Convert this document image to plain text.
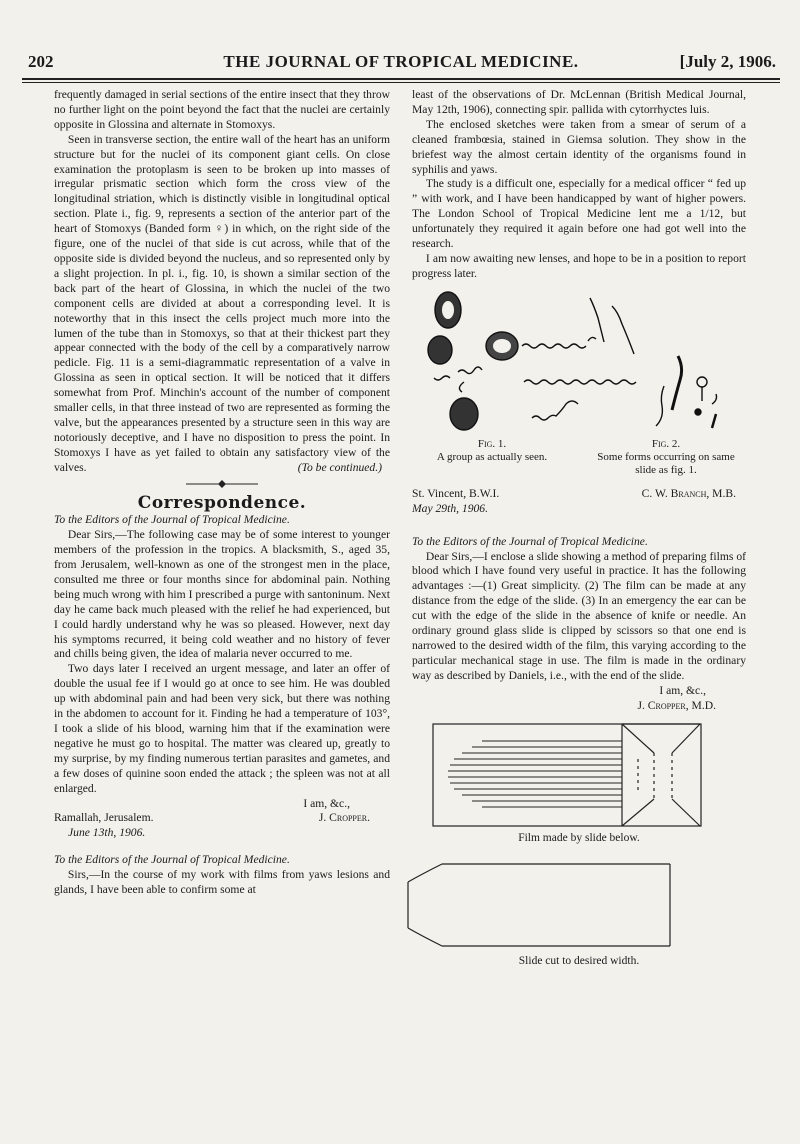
202	THE JOURNAL OF TROPICAL MEDICINE.	[July 2, 1906.

frequently damaged in serial sections of the entire insect that they throw no further light on the point beyond the fact that the nuclei are certainly opposite in Glossina and alternate in Stomoxys.

Seen in transverse section, the entire wall of the heart has an uniform structure but for the nuclei of its component giant cells. On close examination the protoplasm is seen to be broken up into masses of irregular prismatic section which form the cross view of the longitudinal striation, which is distinctly visible in longitudinal optical section. Plate i., fig. 9, represents a section of the anterior part of the heart of Stomoxys (Banded form ♀) in which, on the right side of the figure, one of the nuclei of that side is cut across, while that of the opposite side is divided beyond the nucleus, and so represented only by a slight projection. In pl. i., fig. 10, is shown a similar section of the back part of the heart of Glossina, in which the nuclei of the two component cells are divided at about a corresponding level. It is noteworthy that in this insect the cells project much more into the lumen of the tube than in Stomoxys, so that at their thickest part they appear connected with the body of the cell by a comparatively narrow pedicle. Fig. 11 is a semi-diagrammatic representation of a valve in Glossina as seen in optical section. It will be noticed that it differs somewhat from Prof. Minchin's account of the number of component smaller cells, in that three instead of two are represented as forming the valve, but the appearances presented by a structure seen in this way are notoriously deceptive, and I have no disposition to press the point. In Stomoxys I have as yet failed to obtain any satisfactory view of the valves.	(To be continued.)

Correspondence.

To the Editors of the Journal of Tropical Medicine.

Dear Sirs,—The following case may be of some interest to younger members of the profession in the tropics. A blacksmith, S., aged 35, from Jerusalem, well-known as one of the strongest men in the place, consulted me three or four months since for abdominal pain. Nothing being much wrong with him I prescribed a purge with santoninum. Next day he came back much pleased with the relief he had experienced, but I could hardly understand why he was so pleased. However, next day his symptoms recurred, it being cold weather and no history of fever and chills being given, the idea of malaria never occurred to me.

Two days later I received an urgent message, and later an offer of double the usual fee if I would go at once to see him. He was doubled up with abdominal pain and had been very sick, but there was nothing in the abdomen to account for it. Finding he had a temperature of 103°, I took a slide of his blood, warning him that if the examination were negative he must go to hospital. The matter was cleared up, greatly to my surprise, by my finding numerous tertian parasites and gametes, and a few doses of quinine soon ended the attack ; the spleen was not at all enlarged.

I am, &c.,

Ramallah, Jerusalem.	J. Cropper.

June 13th, 1906.

To the Editors of the Journal of Tropical Medicine.

Sirs,—In the course of my work with films from yaws lesions and glands, I have been able to confirm some at

least of the observations of Dr. McLennan (British Medical Journal, May 12th, 1906), connecting spir. pallida with cytorrhyctes luis.

The enclosed sketches were taken from a smear of serum of a cleaned frambœsia, stained in Giemsa solution. They show in the briefest way the almost certain identity of the organisms found in syphilis and yaws.

The study is a difficult one, especially for a medical officer “ fed up ” with work, and I have been handicapped by want of higher powers. The London School of Tropical Medicine lent me a 1/12, but unfortunately they required it again before one had got well into the research.

I am now awaiting new lenses, and hope to be in a position to report progress later.

Fig. 1.
A group as actually seen.
Fig. 2.
Some forms occurring on same slide as fig. 1.
St. Vincent, B.W.I.	C. W. Branch, M.B.

May 29th, 1906.

To the Editors of the Journal of Tropical Medicine.

Dear Sirs,—I enclose a slide showing a method of preparing films of blood which I have found very useful in practice. It has the following advantages :—(1) Great simplicity. (2) The film can be made at any distance from the edge of the slide. (3) In an emergency the ear can be cut with the edge of the slide in the absence of knife or needle. An ordinary ground glass slide is clipped by scissors so that one end is narrowed to the desired width of the film, this varying according to the particular mechanical stage in use. The film is made in the ordinary way as described by Daniels, i.e., with the end of the slide.

I am, &c.,

J. Cropper, M.D.

Film made by slide below.
Slide cut to desired width.
